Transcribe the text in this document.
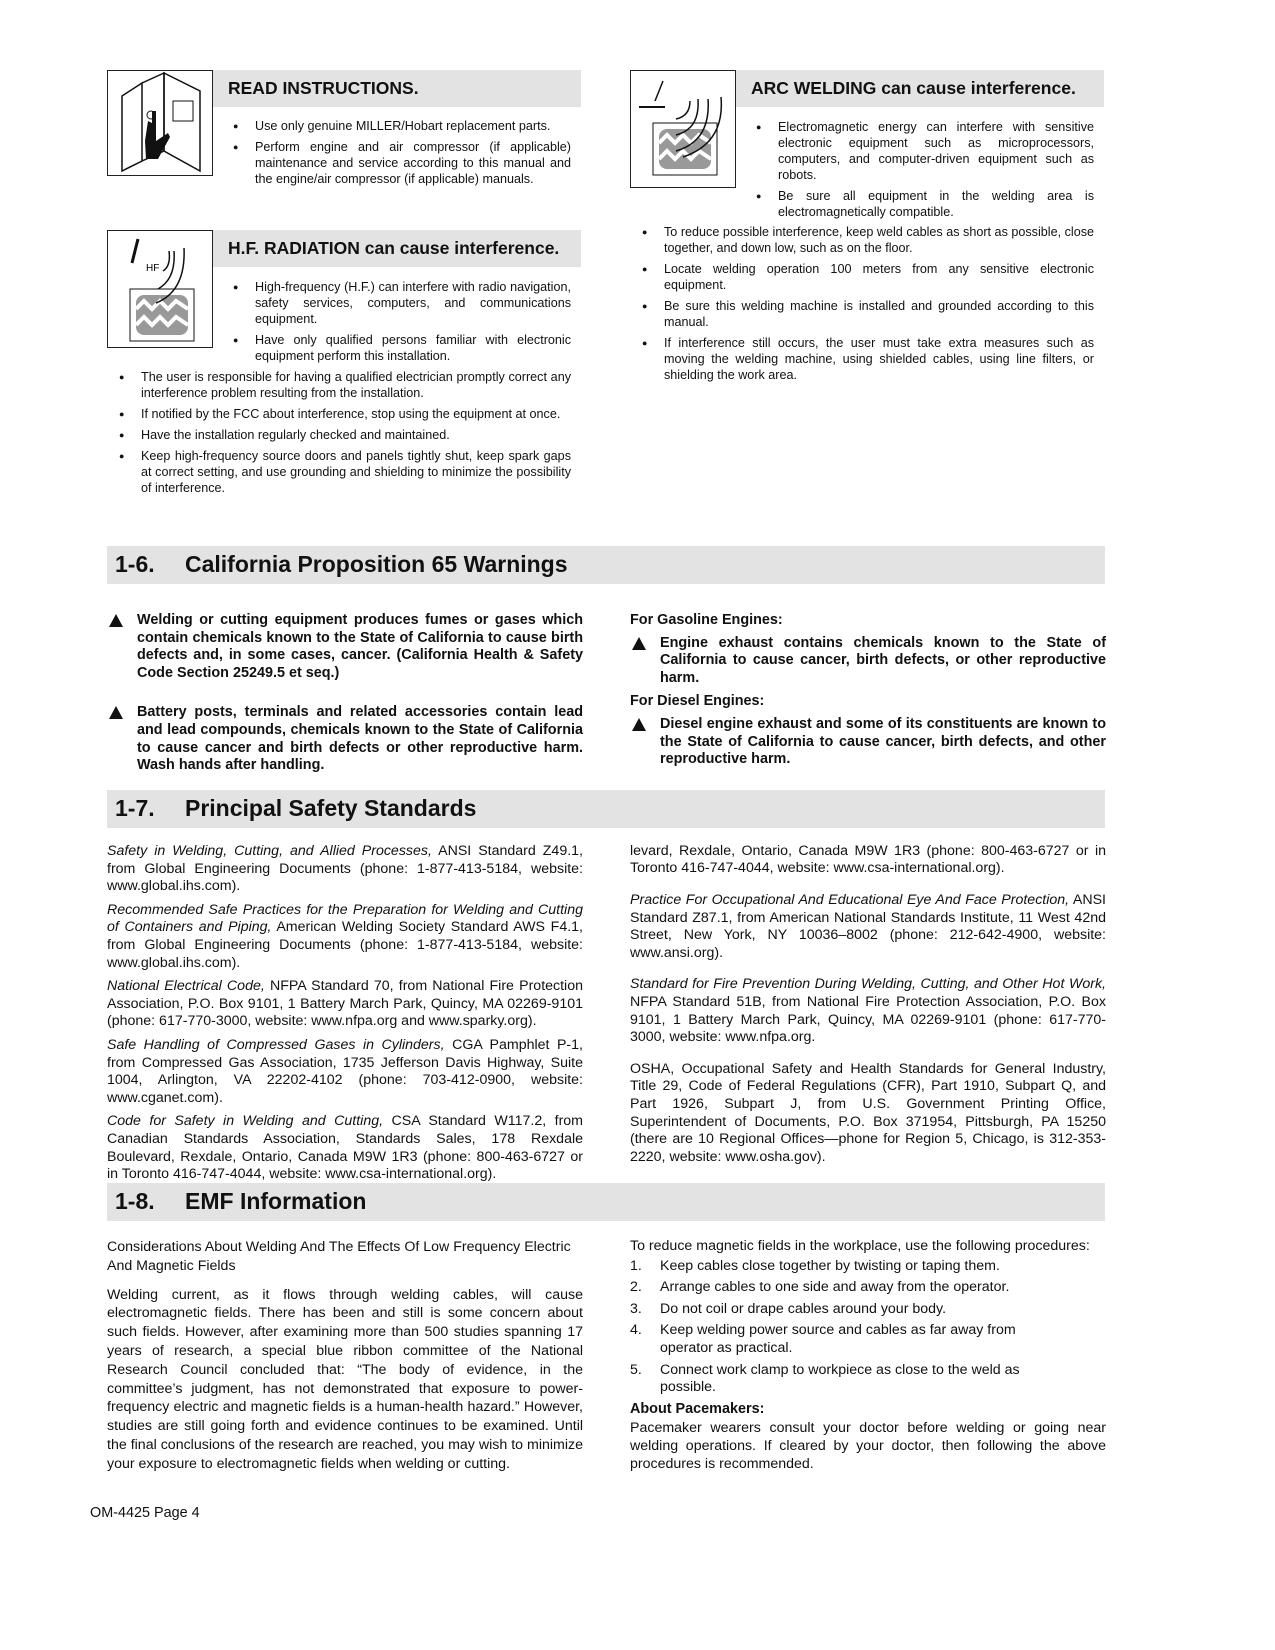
READ INSTRUCTIONS.
● Use only genuine MILLER/Hobart replacement parts.
● Perform engine and air compressor (if applicable) maintenance and service according to this manual and the engine/air compressor (if applicable) manuals.
HF
H.F. RADIATION can cause interference.
● High-frequency (H.F.) can interfere with radio navigation, safety services, computers, and communications equipment.
● Have only qualified persons familiar with electronic equipment perform this installation.
● The user is responsible for having a qualified electrician promptly correct any interference problem resulting from the installation.
● If notified by the FCC about interference, stop using the equipment at once.
● Have the installation regularly checked and maintained.
● Keep high-frequency source doors and panels tightly shut, keep spark gaps at correct setting, and use grounding and shielding to minimize the possibility of interference.
ARC WELDING can cause interference.
● Electromagnetic energy can interfere with sensitive electronic equipment such as microprocessors, computers, and computer-driven equipment such as robots.
● Be sure all equipment in the welding area is electromagnetically compatible.
● To reduce possible interference, keep weld cables as short as possible, close together, and down low, such as on the floor.
● Locate welding operation 100 meters from any sensitive electronic equipment.
● Be sure this welding machine is installed and grounded according to this manual.
● If interference still occurs, the user must take extra measures such as moving the welding machine, using shielded cables, using line filters, or shielding the work area.
1-6. California Proposition 65 Warnings
Welding or cutting equipment produces fumes or gases which contain chemicals known to the State of California to cause birth defects and, in some cases, cancer. (California Health & Safety Code Section 25249.5 et seq.)
Battery posts, terminals and related accessories contain lead and lead compounds, chemicals known to the State of California to cause cancer and birth defects or other reproductive harm. Wash hands after handling.
For Gasoline Engines:
Engine exhaust contains chemicals known to the State of California to cause cancer, birth defects, or other reproductive harm.
For Diesel Engines:
Diesel engine exhaust and some of its constituents are known to the State of California to cause cancer, birth defects, and other reproductive harm.
1-7. Principal Safety Standards

Safety in Welding, Cutting, and Allied Processes, ANSI Standard Z49.1, from Global Engineering Documents (phone: 1-877-413-5184, website: www.global.ihs.com).

Recommended Safe Practices for the Preparation for Welding and Cutting of Containers and Piping, American Welding Society Standard AWS F4.1, from Global Engineering Documents (phone: 1-877-413-5184, website: www.global.ihs.com).

National Electrical Code, NFPA Standard 70, from National Fire Protection Association, P.O. Box 9101, 1 Battery March Park, Quincy, MA 02269-9101 (phone: 617-770-3000, website: www.nfpa.org and www.sparky.org).

Safe Handling of Compressed Gases in Cylinders, CGA Pamphlet P-1, from Compressed Gas Association, 1735 Jefferson Davis Highway, Suite 1004, Arlington, VA 22202-4102 (phone: 703-412-0900, website: www.cganet.com).

Code for Safety in Welding and Cutting, CSA Standard W117.2, from Canadian Standards Association, Standards Sales, 178 Rexdale Boulevard, Rexdale, Ontario, Canada M9W 1R3 (phone: 800-463-6727 or in Toronto 416-747-4044, website: www.csa-international.org).

levard, Rexdale, Ontario, Canada M9W 1R3 (phone: 800-463-6727 or in Toronto 416-747-4044, website: www.csa-international.org).

Practice For Occupational And Educational Eye And Face Protection, ANSI Standard Z87.1, from American National Standards Institute, 11 West 42nd Street, New York, NY 10036–8002 (phone: 212-642-4900, website: www.ansi.org).

Standard for Fire Prevention During Welding, Cutting, and Other Hot Work, NFPA Standard 51B, from National Fire Protection Association, P.O. Box 9101, 1 Battery March Park, Quincy, MA 02269-9101 (phone: 617-770-3000, website: www.nfpa.org.

OSHA, Occupational Safety and Health Standards for General Industry, Title 29, Code of Federal Regulations (CFR), Part 1910, Subpart Q, and Part 1926, Subpart J, from U.S. Government Printing Office, Superintendent of Documents, P.O. Box 371954, Pittsburgh, PA 15250 (there are 10 Regional Offices—phone for Region 5, Chicago, is 312-353-2220, website: www.osha.gov).

1-8. EMF Information

Considerations About Welding And The Effects Of Low Frequency Electric And Magnetic Fields

Welding current, as it flows through welding cables, will cause electromagnetic fields. There has been and still is some concern about such fields. However, after examining more than 500 studies spanning 17 years of research, a special blue ribbon committee of the National Research Council concluded that: “The body of evidence, in the committee’s judgment, has not demonstrated that exposure to power-frequency electric and magnetic fields is a human-health hazard.” However, studies are still going forth and evidence continues to be examined. Until the final conclusions of the research are reached, you may wish to minimize your exposure to electromagnetic fields when welding or cutting.

To reduce magnetic fields in the workplace, use the following procedures:

1. Keep cables close together by twisting or taping them.
2. Arrange cables to one side and away from the operator.
3. Do not coil or drape cables around your body.
4. Keep welding power source and cables as far away from operator as practical.
5. Connect work clamp to workpiece as close to the weld as possible.
About Pacemakers:

Pacemaker wearers consult your doctor before welding or going near welding operations. If cleared by your doctor, then following the above procedures is recommended.

OM-4425 Page 4
